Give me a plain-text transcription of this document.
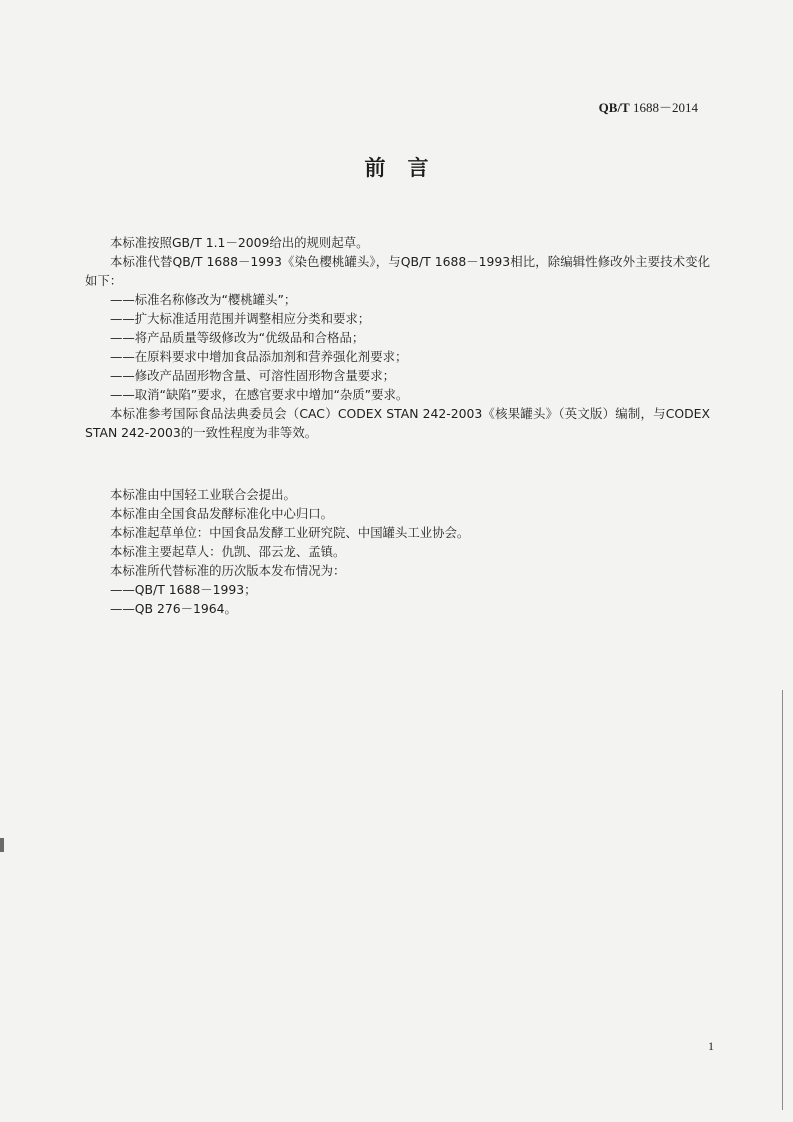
QB/T 1688－2014
前言

本标准按照GB/T 1.1－2009给出的规则起草。

本标准代替QB/T 1688－1993《染色樱桃罐头》，与QB/T 1688－1993相比，除编辑性修改外主要技术变化如下：

——标准名称修改为“樱桃罐头”；

——扩大标准适用范围并调整相应分类和要求；

——将产品质量等级修改为“优级品和合格品；

——在原料要求中增加食品添加剂和营养强化剂要求；

——修改产品固形物含量、可溶性固形物含量要求；

——取消“缺陷”要求，在感官要求中增加“杂质”要求。

本标准参考国际食品法典委员会（CAC）CODEX STAN 242-2003《核果罐头》（英文版）编制，与CODEX STAN 242-2003的一致性程度为非等效。

本标准由中国轻工业联合会提出。

本标准由全国食品发酵标准化中心归口。

本标准起草单位：中国食品发酵工业研究院、中国罐头工业协会。

本标准主要起草人：仇凯、邵云龙、孟镇。

本标准所代替标准的历次版本发布情况为：

——QB/T 1688－1993；

——QB 276－1964。

1
